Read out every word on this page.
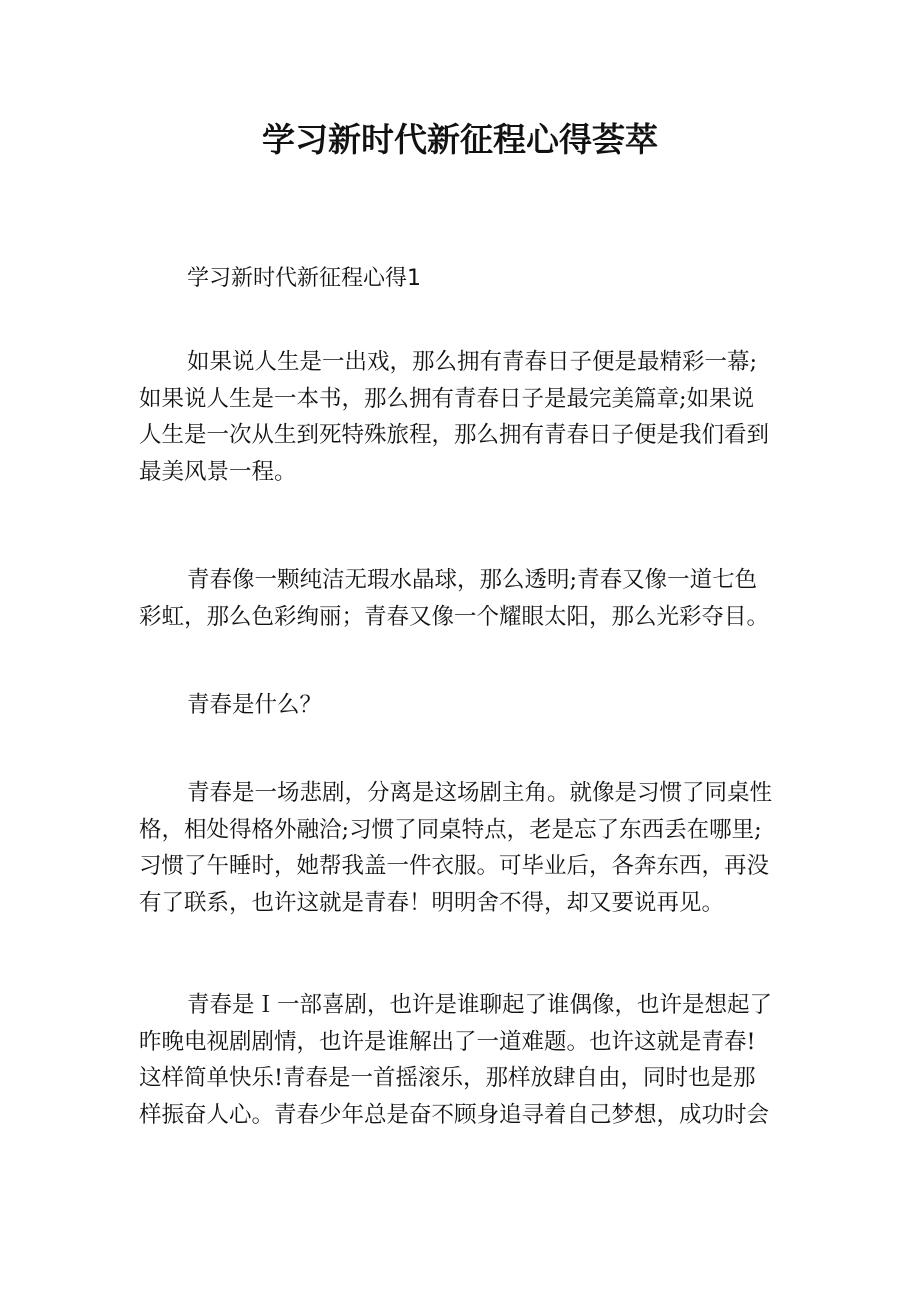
学习新时代新征程心得荟萃

学习新时代新征程心得1

如果说人生是一出戏，那么拥有青春日子便是最精彩一幕;
如果说人生是一本书，那么拥有青春日子是最完美篇章;如果说
人生是一次从生到死特殊旅程，那么拥有青春日子便是我们看到
最美风景一程。
青春像一颗纯洁无瑕水晶球，那么透明;青春又像一道七色
彩虹，那么色彩绚丽；青春又像一个耀眼太阳，那么光彩夺目。
青春是什么？
青春是一场悲剧，分离是这场剧主角。就像是习惯了同桌性
格，相处得格外融洽;习惯了同桌特点，老是忘了东西丢在哪里;
习惯了午睡时，她帮我盖一件衣服。可毕业后，各奔东西，再没
有了联系，也许这就是青春！明明舍不得，却又要说再见。
青春是Ｉ一部喜剧，也许是谁聊起了谁偶像，也许是想起了
昨晚电视剧剧情，也许是谁解出了一道难题。也许这就是青春!
这样简单快乐!青春是一首摇滚乐，那样放肆自由，同时也是那
样振奋人心。青春少年总是奋不顾身追寻着自己梦想，成功时会
